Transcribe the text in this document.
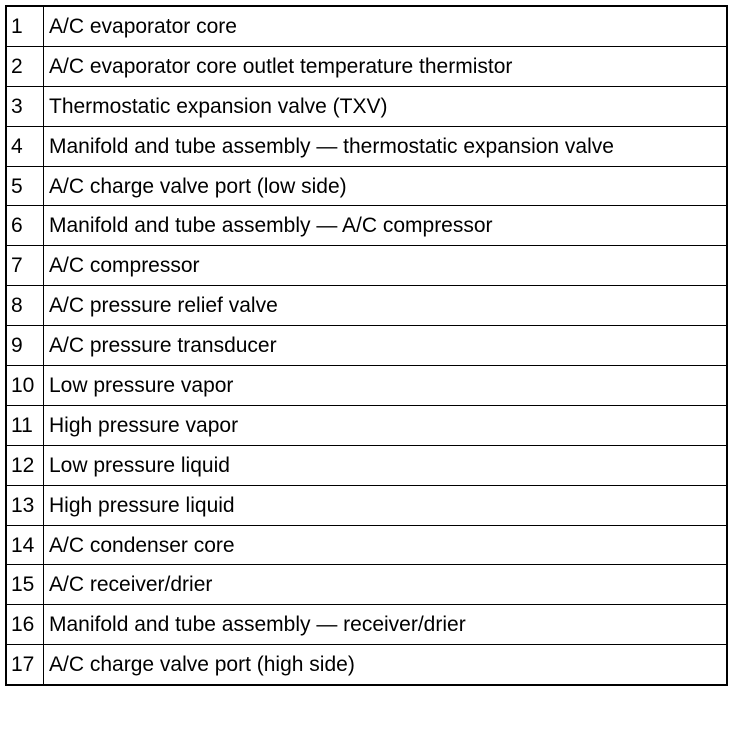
1	A/C evaporator core
2	A/C evaporator core outlet temperature thermistor
3	Thermostatic expansion valve (TXV)
4	Manifold and tube assembly — thermostatic expansion valve
5	A/C charge valve port (low side)
6	Manifold and tube assembly — A/C compressor
7	A/C compressor
8	A/C pressure relief valve
9	A/C pressure transducer
10	Low pressure vapor
11	High pressure vapor
12	Low pressure liquid
13	High pressure liquid
14	A/C condenser core
15	A/C receiver/drier
16	Manifold and tube assembly — receiver/drier
17	A/C charge valve port (high side)
